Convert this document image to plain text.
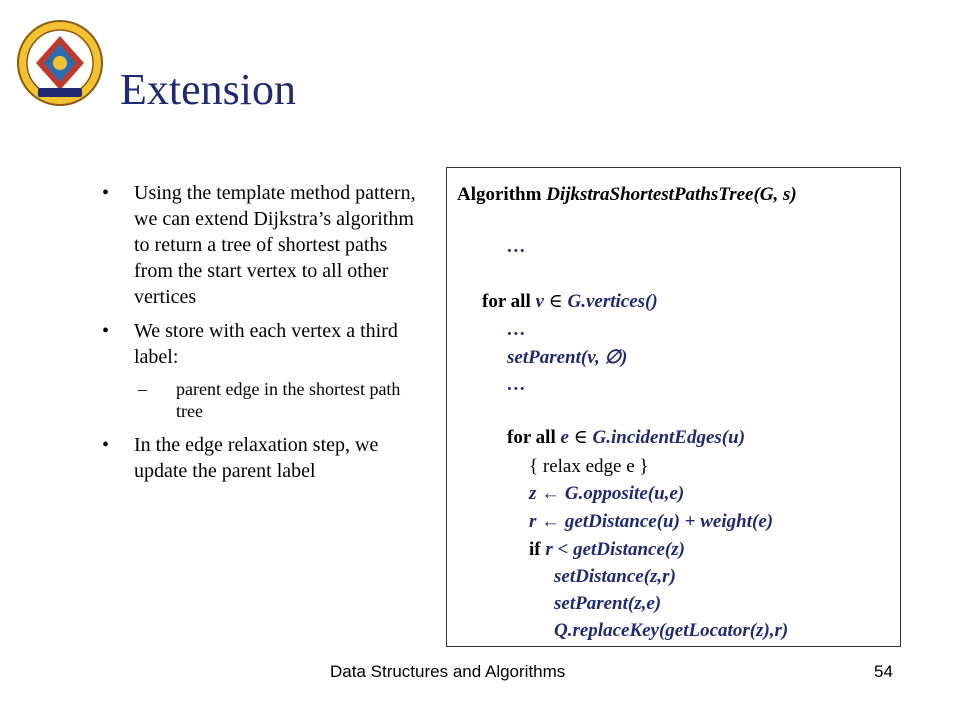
Extension
• Using the template method pattern, we can extend Dijkstra’s algorithm to return a tree of shortest paths from the start vertex to all other vertices
• We store with each vertex a third label:
– parent edge in the shortest path tree
• In the edge relaxation step, we update the parent label
Algorithm DijkstraShortestPathsTree(G, s)
…
for all v ∈ G.vertices()
…
setParent(v, ∅)
…
for all e ∈ G.incidentEdges(u)
{ relax edge e }
z ← G.opposite(u,e)
r ← getDistance(u) + weight(e)
if r < getDistance(z)
setDistance(z,r)
setParent(z,e)
Q.replaceKey(getLocator(z),r)
Data Structures and Algorithms	54
